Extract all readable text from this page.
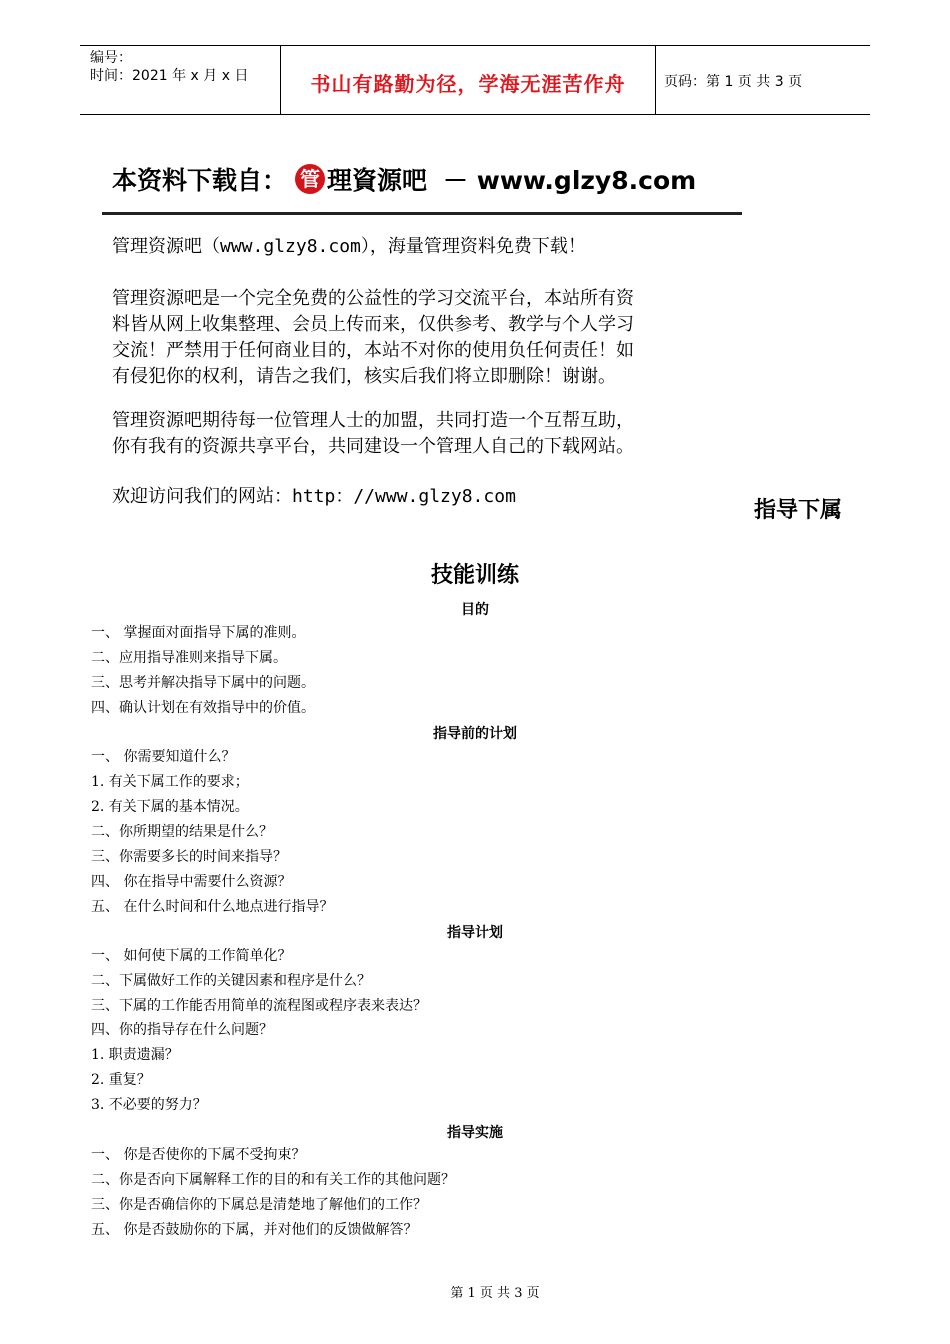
编号：
时间：2021 年 x 月 x 日	书山有路勤为径，学海无涯苦作舟	页码：第 1 页 共 3 页
本资料下载自： 管 理資源吧 － www.glzy8.com
管理资源吧（www.glzy8.com），海量管理资料免费下载！
管理资源吧是一个完全免费的公益性的学习交流平台，本站所有资
料皆从网上收集整理、会员上传而来，仅供参考、教学与个人学习
交流！严禁用于任何商业目的，本站不对你的使用负任何责任！如
有侵犯你的权利，请告之我们，核实后我们将立即删除！谢谢。
管理资源吧期待每一位管理人士的加盟，共同打造一个互帮互助，
你有我有的资源共享平台，共同建设一个管理人自己的下载网站。
欢迎访问我们的网站：http：//www.glzy8.com
指导下属
技能训练
目的
一、 掌握面对面指导下属的准则。
二、应用指导准则来指导下属。
三、思考并解决指导下属中的问题。
四、确认计划在有效指导中的价值。
指导前的计划
一、 你需要知道什么？
1. 有关下属工作的要求；
2. 有关下属的基本情况。
二、你所期望的结果是什么？
三、你需要多长的时间来指导？
四、 你在指导中需要什么资源？
五、 在什么时间和什么地点进行指导？
指导计划
一、 如何使下属的工作简单化？
二、下属做好工作的关键因素和程序是什么？
三、下属的工作能否用简单的流程图或程序表来表达？
四、你的指导存在什么问题？
1. 职责遗漏？
2. 重复？
3. 不必要的努力？
指导实施
一、 你是否使你的下属不受拘束？
二、你是否向下属解释工作的目的和有关工作的其他问题？
三、你是否确信你的下属总是清楚地了解他们的工作？
五、 你是否鼓励你的下属，并对他们的反馈做解答？
第 1 页 共 3 页
